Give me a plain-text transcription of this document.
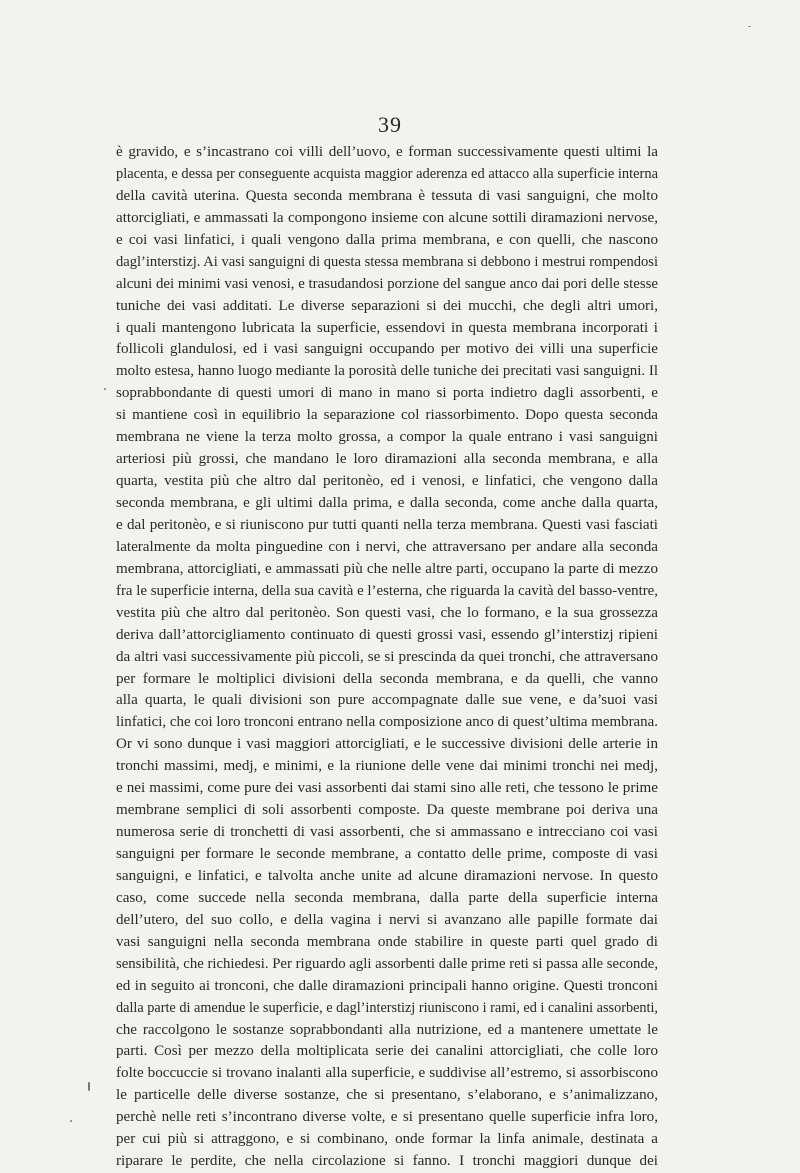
39
è gravido, e s’incastrano coi villi dell’uovo, e forman successivamente questi ultimi la
placenta, e dessa per conseguente acquista maggior aderenza ed attacco alla superficie interna
della cavità uterina. Questa seconda membrana è tessuta di vasi sanguigni, che molto
attorcigliati, e ammassati la compongono insieme con alcune sottili diramazioni nervose,
e coi vasi linfatici, i quali vengono dalla prima membrana, e con quelli, che nascono
dagl’interstizj. Ai vasi sanguigni di questa stessa membrana si debbono i mestrui rompendosi
alcuni dei minimi vasi venosi, e trasudandosi porzione del sangue anco dai pori delle stesse
tuniche dei vasi additati. Le diverse separazioni si dei mucchi, che degli altri umori,
i quali mantengono lubricata la superficie, essendovi in questa membrana incorporati i
follicoli glandulosi, ed i vasi sanguigni occupando per motivo dei villi una superficie
molto estesa, hanno luogo mediante la porosità delle tuniche dei precitati vasi sanguigni. Il
soprabbondante di questi umori di mano in mano si porta indietro dagli assorbenti, e
si mantiene così in equilibrio la separazione col riassorbimento. Dopo questa seconda
membrana ne viene la terza molto grossa, a compor la quale entrano i vasi sanguigni
arteriosi più grossi, che mandano le loro diramazioni alla seconda membrana, e alla
quarta, vestita più che altro dal peritonèo, ed i venosi, e linfatici, che vengono dalla
seconda membrana, e gli ultimi dalla prima, e dalla seconda, come anche dalla quarta,
e dal peritonèo, e si riuniscono pur tutti quanti nella terza membrana. Questi vasi fasciati
lateralmente da molta pinguedine con i nervi, che attraversano per andare alla seconda
membrana, attorcigliati, e ammassati più che nelle altre parti, occupano la parte di mezzo
fra le superficie interna, della sua cavità e l’esterna, che riguarda la cavità del basso-ventre,
vestita più che altro dal peritonèo. Son questi vasi, che lo formano, e la sua grossezza
deriva dall’attorcigliamento continuato di questi grossi vasi, essendo gl’interstizj ripieni
da altri vasi successivamente più piccoli, se si prescinda da quei tronchi, che attraversano
per formare le moltiplici divisioni della seconda membrana, e da quelli, che vanno
alla quarta, le quali divisioni son pure accompagnate dalle sue vene, e da’suoi vasi
linfatici, che coi loro tronconi entrano nella composizione anco di quest’ultima membrana.
Or vi sono dunque i vasi maggiori attorcigliati, e le successive divisioni delle arterie in
tronchi massimi, medj, e minimi, e la riunione delle vene dai minimi tronchi nei medj,
e nei massimi, come pure dei vasi assorbenti dai stami sino alle reti, che tessono le prime
membrane semplici di soli assorbenti composte. Da queste membrane poi deriva una
numerosa serie di tronchetti di vasi assorbenti, che si ammassano e intrecciano coi vasi
sanguigni per formare le seconde membrane, a contatto delle prime, composte di vasi
sanguigni, e linfatici, e talvolta anche unite ad alcune diramazioni nervose. In questo
caso, come succede nella seconda membrana, dalla parte della superficie interna
dell’utero, del suo collo, e della vagina i nervi si avanzano alle papille formate dai
vasi sanguigni nella seconda membrana onde stabilire in queste parti quel grado di
sensibilità, che richiedesi. Per riguardo agli assorbenti dalle prime reti si passa alle seconde,
ed in seguito ai tronconi, che dalle diramazioni principali hanno origine. Questi tronconi
dalla parte di amendue le superficie, e dagl’interstizj riuniscono i rami, ed i canalini assorbenti,
che raccolgono le sostanze soprabbondanti alla nutrizione, ed a mantenere umettate le
parti. Così per mezzo della moltiplicata serie dei canalini attorcigliati, che colle loro
folte boccuccie si trovano inalanti alla superficie, e suddivise all’estremo, si assorbiscono
le particelle delle diverse sostanze, che si presentano, s’elaborano, e s’animalizzano,
perchè nelle reti s’incontrano diverse volte, e si presentano quelle superficie infra loro,
per cui più si attraggono, e si combinano, onde formar la linfa animale, destinata a
riparare le perdite, che nella circolazione si fanno. I tronchi maggiori dunque dei
